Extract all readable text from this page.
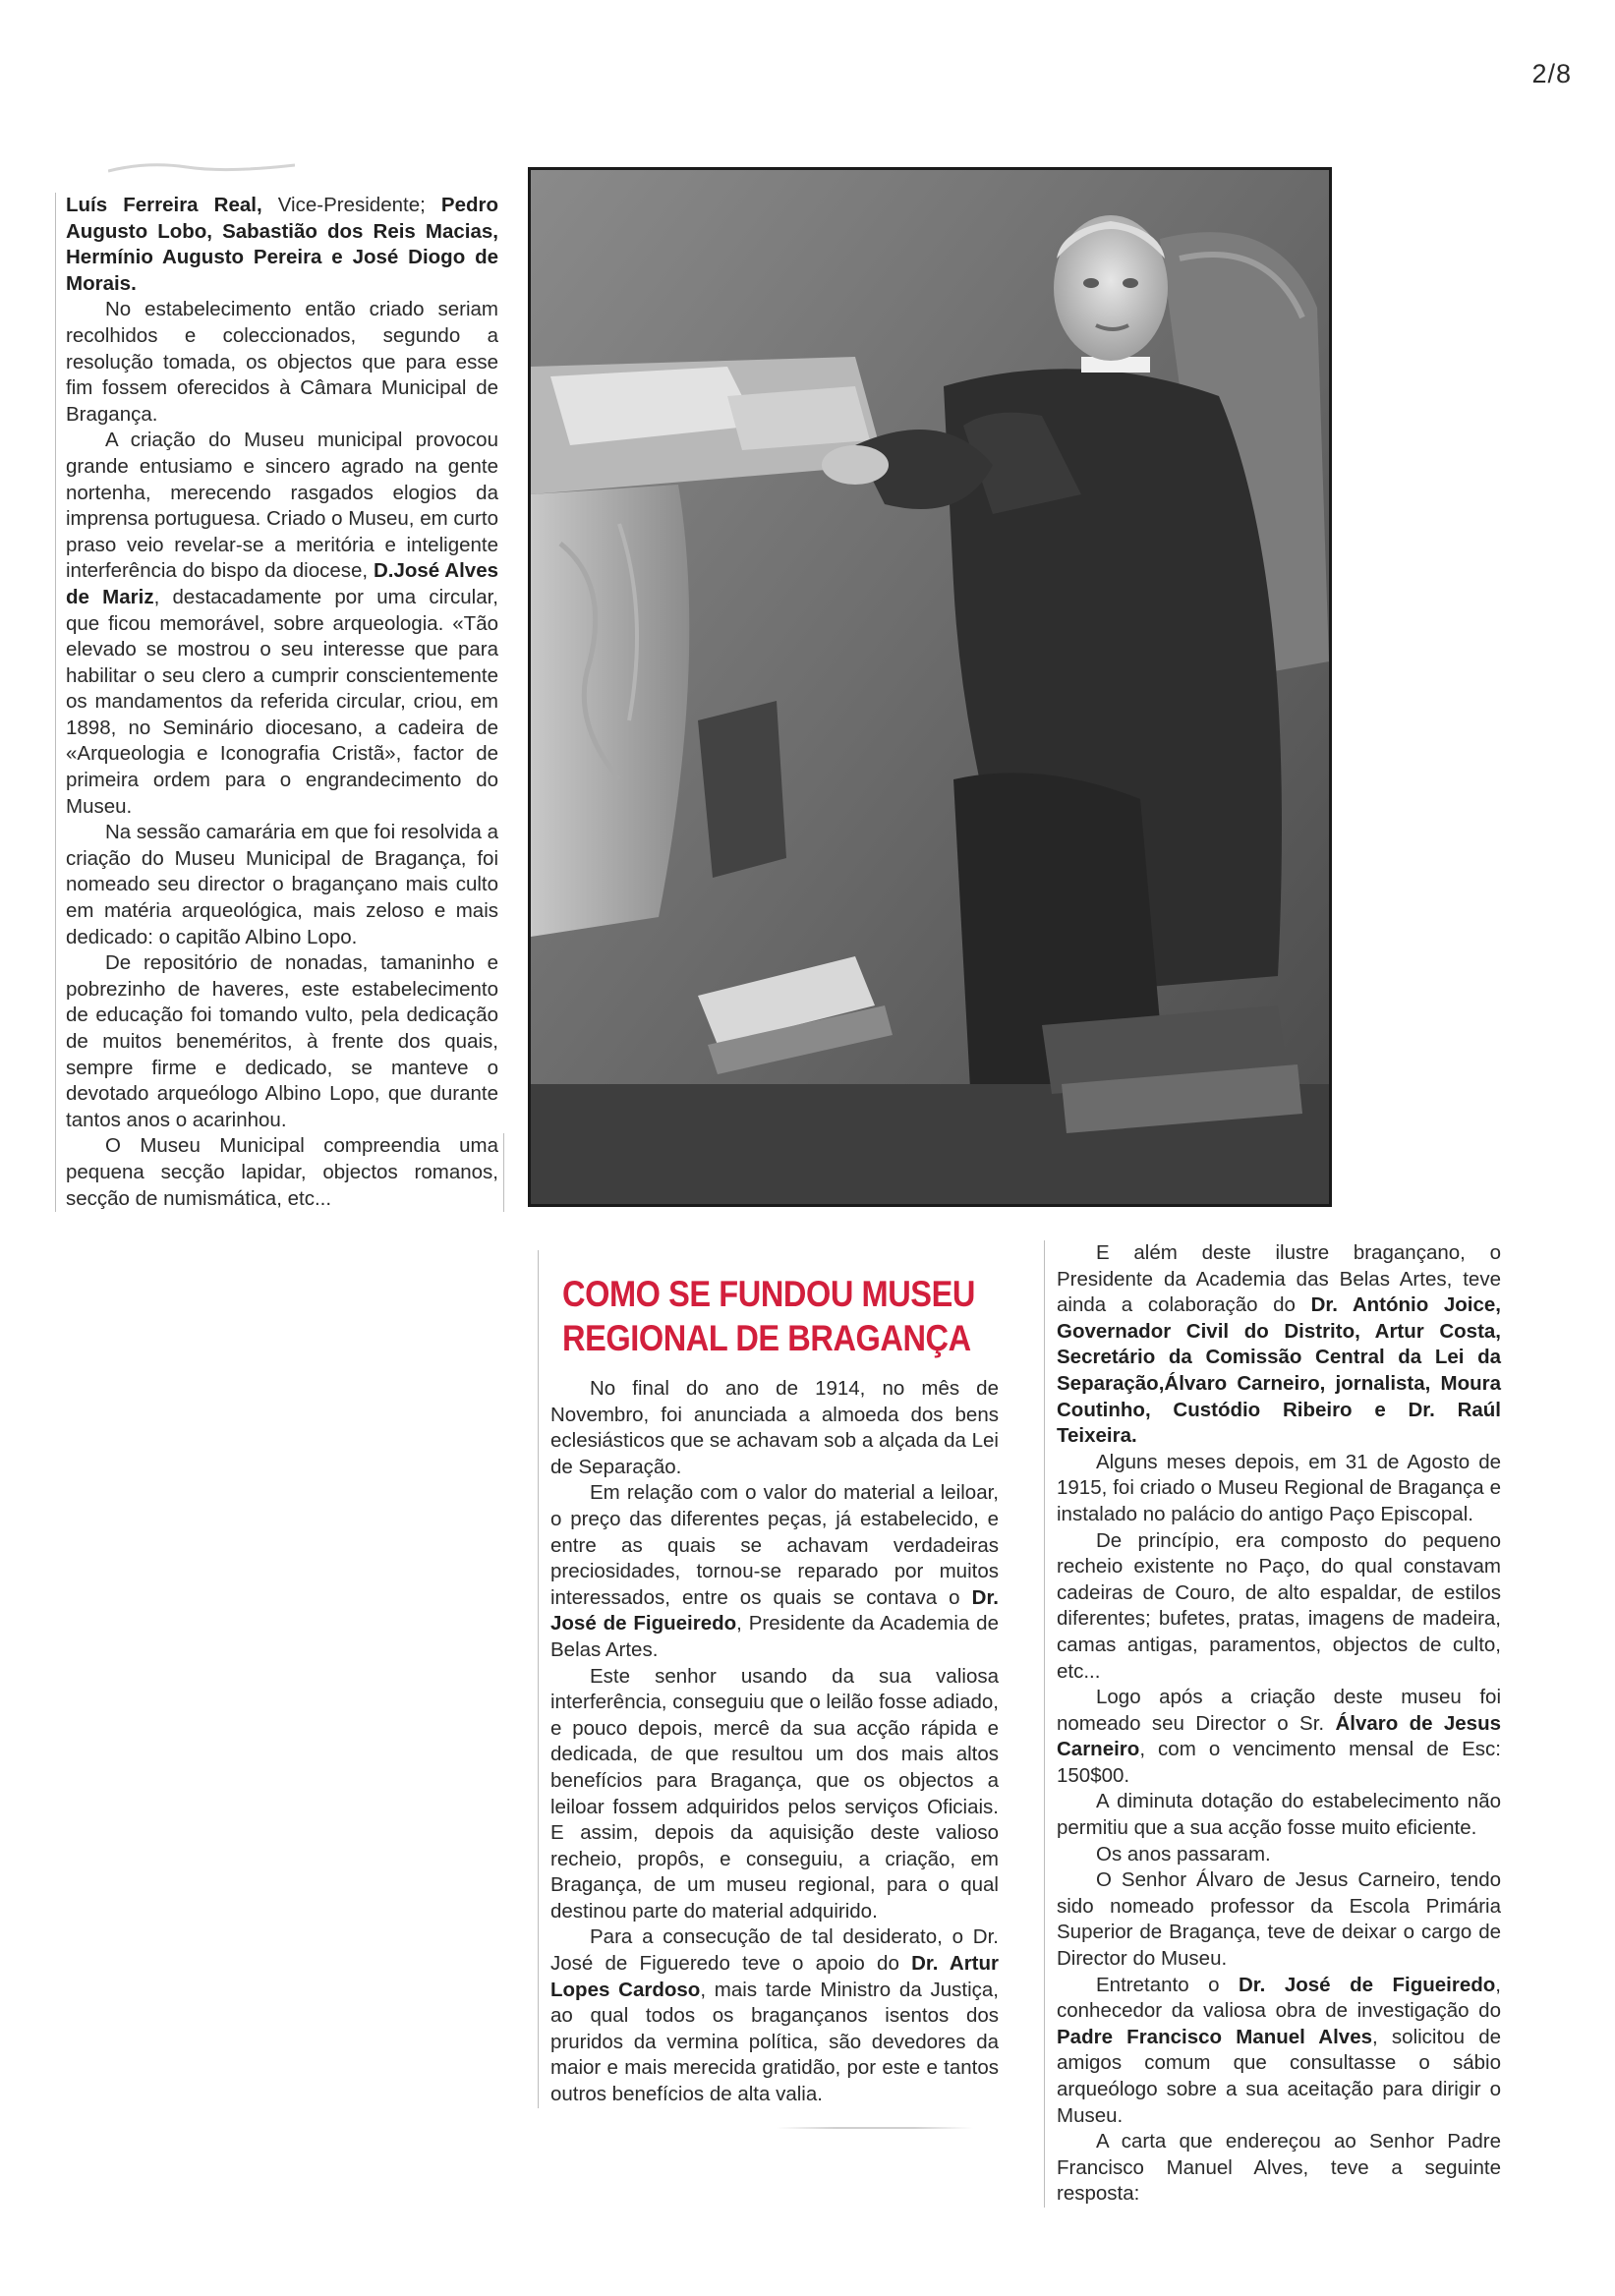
2/8

Luís Ferreira Real, Vice-Presidente; Pedro Augusto Lobo, Sabastião dos Reis Macias, Hermínio Augusto Pereira e José Diogo de Morais.

No estabelecimento então criado seriam recolhidos e coleccionados, segundo a resolução tomada, os objectos que para esse fim fossem oferecidos à Câmara Municipal de Bragança.

A criação do Museu municipal provocou grande entusiamo e sincero agrado na gente nortenha, merecendo rasgados elogios da imprensa portuguesa. Criado o Museu, em curto praso veio revelar-se a meritória e inteligente interferência do bispo da diocese, D.José Alves de Mariz, destacadamente por uma circular, que ficou memorável, sobre arqueologia. «Tão elevado se mostrou o seu interesse que para habilitar o seu clero a cumprir conscientemente os mandamentos da referida circular, criou, em 1898, no Seminário diocesano, a cadeira de «Arqueologia e Iconografia Cristã», factor de primeira ordem para o engrandecimento do Museu.

Na sessão camarária em que foi resolvida a criação do Museu Municipal de Bragança, foi nomeado seu director o bragançano mais culto em matéria arqueológica, mais zeloso e mais dedicado: o capitão Albino Lopo.

De repositório de nonadas, tamaninho e pobrezinho de haveres, este estabelecimento de educação foi tomando vulto, pela dedicação de muitos beneméritos, à frente dos quais, sempre firme e dedicado, se manteve o devotado arqueólogo Albino Lopo, que durante tantos anos o acarinhou.

O Museu Municipal compreendia uma pequena secção lapidar, objectos romanos, secção de numismática, etc...

COMO SE FUNDOU MUSEU
REGIONAL DE BRAGANÇA

No final do ano de 1914, no mês de Novembro, foi anunciada a almoeda dos bens eclesiásticos que se achavam sob a alçada da Lei de Separação.

Em relação com o valor do material a leiloar, o preço das diferentes peças, já estabelecido, e entre as quais se achavam verdadeiras preciosidades, tornou-se reparado por muitos interessados, entre os quais se contava o Dr. José de Figueiredo, Presidente da Academia de Belas Artes.

Este senhor usando da sua valiosa interferência, conseguiu que o leilão fosse adiado, e pouco depois, mercê da sua acção rápida e dedicada, de que resultou um dos mais altos benefícios para Bragança, que os objectos a leiloar fossem adquiridos pelos serviços Oficiais. E assim, depois da aquisição deste valioso recheio, propôs, e conseguiu, a criação, em Bragança, de um museu regional, para o qual destinou parte do material adquirido.

Para a consecução de tal desiderato, o Dr. José de Figueredo teve o apoio do Dr. Artur Lopes Cardoso, mais tarde Ministro da Justiça, ao qual todos os bragançanos isentos dos pruridos da vermina política, são devedores da maior e mais merecida gratidão, por este e tantos outros benefícios de alta valia.

E além deste ilustre bragançano, o Presidente da Academia das Belas Artes, teve ainda a colaboração do Dr. António Joice, Governador Civil do Distrito, Artur Costa, Secretário da Comissão Central da Lei da Separação,Álvaro Carneiro, jornalista, Moura Coutinho, Custódio Ribeiro e Dr. Raúl Teixeira.

Alguns meses depois, em 31 de Agosto de 1915, foi criado o Museu Regional de Bragança e instalado no palácio do antigo Paço Episcopal.

De princípio, era composto do pequeno recheio existente no Paço, do qual constavam cadeiras de Couro, de alto espaldar, de estilos diferentes; bufetes, pratas, imagens de madeira, camas antigas, paramentos, objectos de culto, etc...

Logo após a criação deste museu foi nomeado seu Director o Sr. Álvaro de Jesus Carneiro, com o vencimento mensal de Esc: 150$00.

A diminuta dotação do estabelecimento não permitiu que a sua acção fosse muito eficiente.

Os anos passaram.

O Senhor Álvaro de Jesus Carneiro, tendo sido nomeado professor da Escola Primária Superior de Bragança, teve de deixar o cargo de Director do Museu.

Entretanto o Dr. José de Figueiredo, conhecedor da valiosa obra de investigação do Padre Francisco Manuel Alves, solicitou de amigos comum que consultasse o sábio arqueólogo sobre a sua aceitação para dirigir o Museu.

A carta que endereçou ao Senhor Padre Francisco Manuel Alves, teve a seguinte resposta:
